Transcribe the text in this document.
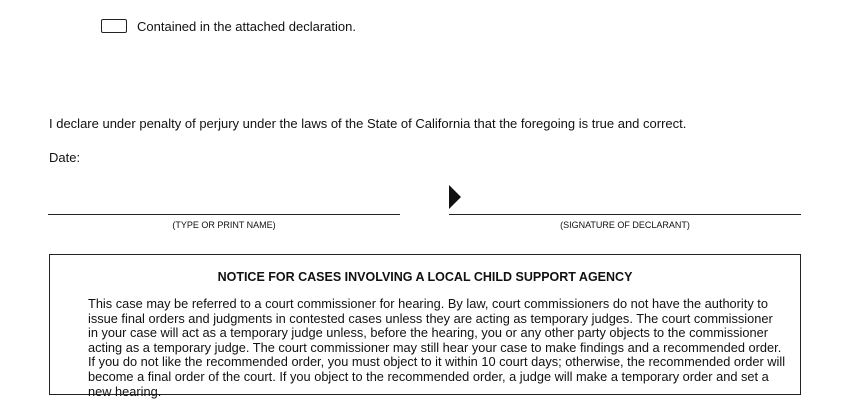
Contained in the attached declaration.
I declare under penalty of perjury under the laws of the State of California that the foregoing is true and correct.
Date:
(TYPE OR PRINT NAME)	(SIGNATURE OF DECLARANT)
NOTICE FOR CASES INVOLVING A LOCAL CHILD SUPPORT AGENCY
This case may be referred to a court commissioner for hearing. By law, court commissioners do not have the authority to issue final orders and judgments in contested cases unless they are acting as temporary judges. The court commissioner in your case will act as a temporary judge unless, before the hearing, you or any other party objects to the commissioner acting as a temporary judge. The court commissioner may still hear your case to make findings and a recommended order. If you do not like the recommended order, you must object to it within 10 court days; otherwise, the recommended order will become a final order of the court. If you object to the recommended order, a judge will make a temporary order and set a new hearing.
